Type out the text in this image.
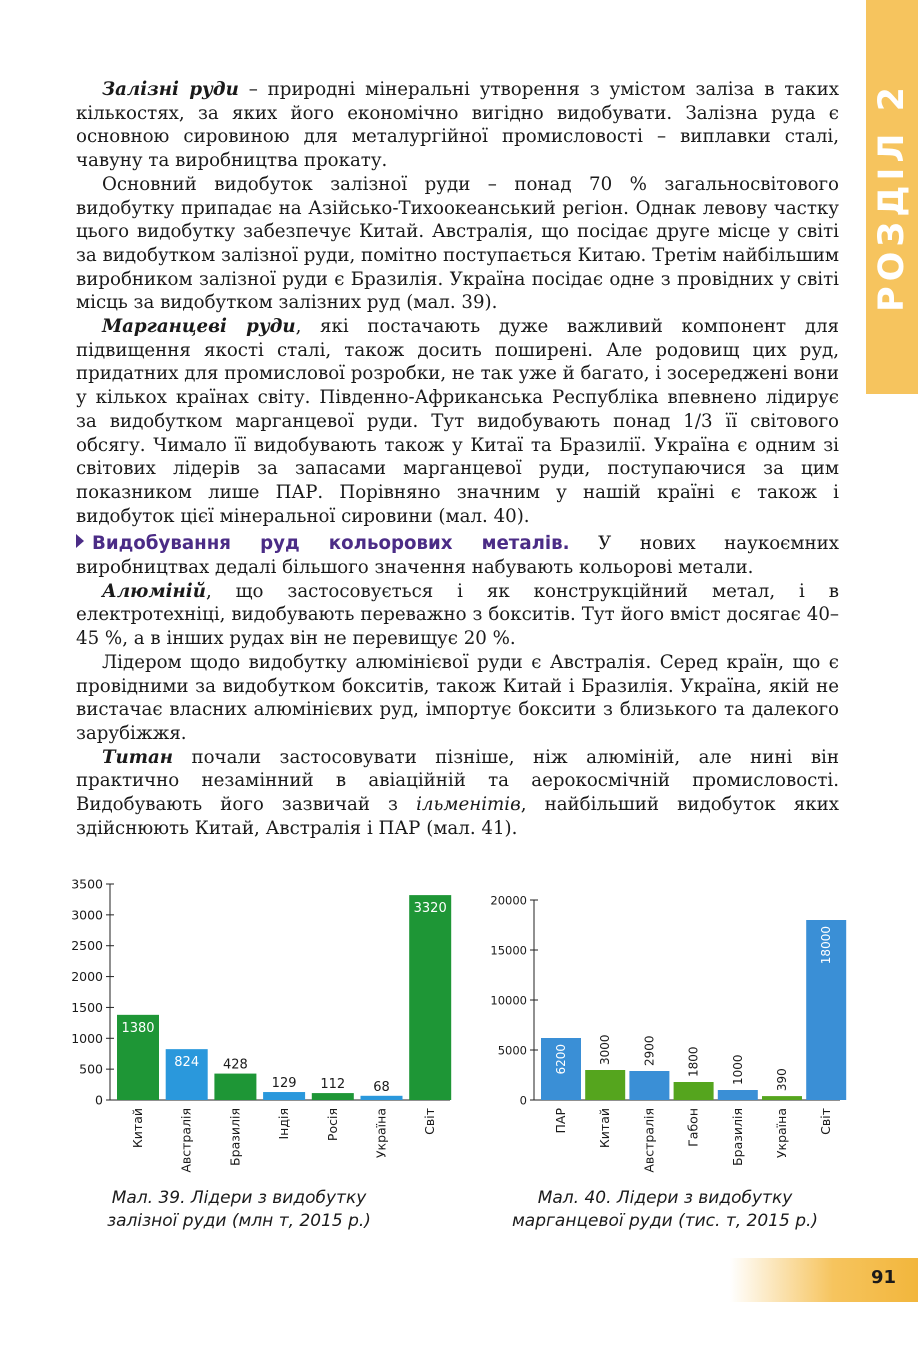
РОЗДІЛ 2

Залізні руди – природні мінеральні утворення з умістом заліза в таких кількостях, за яких його економічно вигідно видобувати. Залізна руда є основною сировиною для металургійної промисловості – виплавки сталі, чавуну та виробництва прокату.

Основний видобуток залізної руди – понад 70 % загальносвітового видобутку припадає на Азійсько-Тихоокеанський регіон. Однак левову частку цього видобутку забезпечує Китай. Австралія, що посідає друге місце у світі за видобутком залізної руди, помітно поступається Китаю. Третім найбільшим виробником залізної руди є Бразилія. Україна посідає одне з провідних у світі місць за видобутком залізних руд (мал. 39).

Марганцеві руди, які постачають дуже важливий компонент для підвищення якості сталі, також досить поширені. Але родовищ цих руд, придатних для промислової розробки, не так уже й багато, і зосереджені вони у кількох країнах світу. Південно-Африканська Республіка впевнено лідирує за видобутком марганцевої руди. Тут видобувають понад 1/3 її світового обсягу. Чимало її видобувають також у Китаї та Бразилії. Україна є одним зі світових лідерів за запасами марганцевої руди, поступаючися за цим показником лише ПАР. Порівняно значним у нашій країні є також і видобуток цієї мінеральної сировини (мал. 40).

Видобування руд кольорових металів. У нових наукоємних виробництвах дедалі більшого значення набувають кольорові метали.

Алюміній, що застосовується і як конструкційний метал, і в електротехніці, видобувають переважно з бокситів. Тут його вміст досягає 40–45 %, а в інших рудах він не перевищує 20 %.

Лідером щодо видобутку алюмінієвої руди є Австралія. Серед країн, що є провідними за видобутком бокситів, також Китай і Бразилія. Україна, якій не вистачає власних алюмінієвих руд, імпортує боксити з близького та далекого зарубіжжя.

Титан почали застосовувати пізніше, ніж алюміній, але нині він практично незамінний в авіаційній та аерокосмічній промисловості. Видобувають його зазвичай з ільменітів, найбільший видобуток яких здійснюють Китай, Австралія і ПАР (мал. 41).

0
500
1000
1500
2000
2500
3000
3500
1380
Китай
824
Австралія
428
Бразилія
129
Індія
112
Росія
68
Україна
3320
Світ
0
5000
10000
15000
20000
6200
ПАР
3000
Китай
2900
Австралія
1800
Габон
1000
Бразилія
390
Україна
18000
Світ
Мал. 39. Лідери з видобутку залізної руди (млн т, 2015 р.)
Мал. 40. Лідери з видобутку марганцевої руди (тис. т, 2015 р.)
91
